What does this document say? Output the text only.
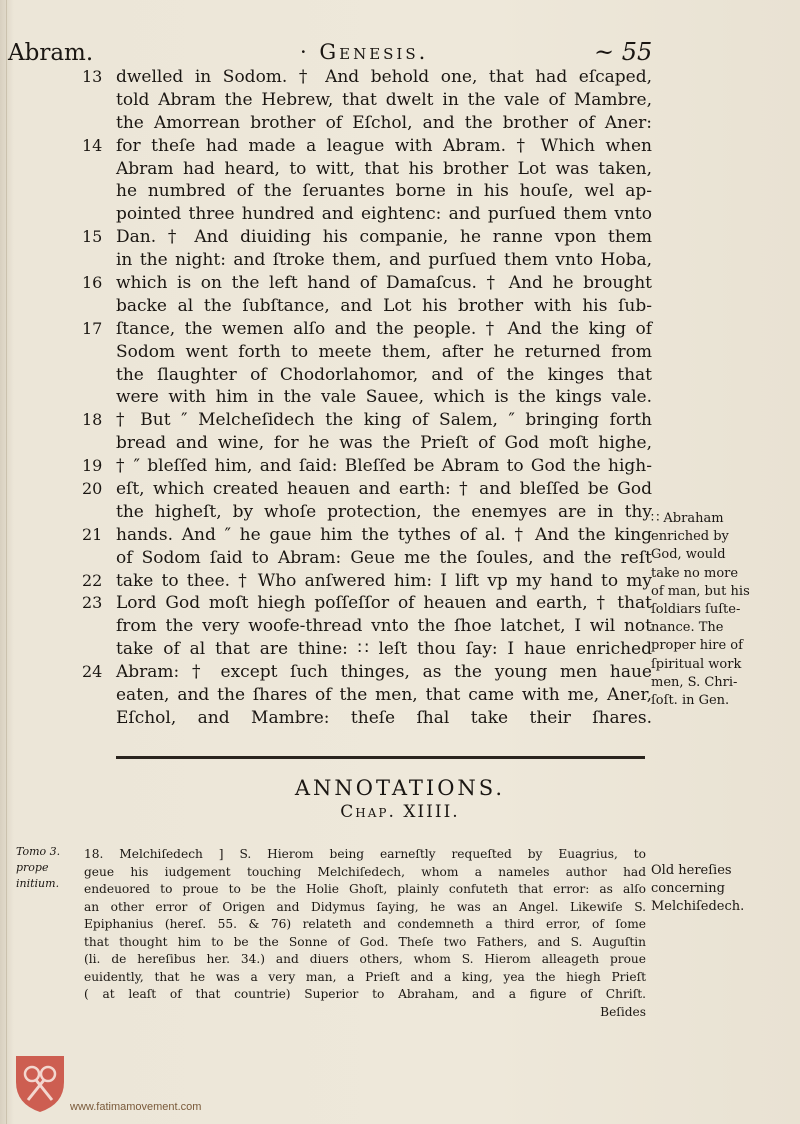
Abram.	· Genesis.	~ 55
13 dwelled in Sodom. † And behold one, that had eſcaped,
told Abram the Hebrew, that dwelt in the vale of Mambre,
the Amorrean brother of Eſchol, and the brother of Aner:
14 for theſe had made a league with Abram. † Which when
Abram had heard, to witt, that his brother Lot was taken,
he numbred of the ſeruantes borne in his houſe, wel ap-
pointed three hundred and eightenc: and purſued them vnto
15 Dan. † And diuiding his companie, he ranne vpon them
in the night: and ſtroke them, and purſued them vnto Hoba,
16 which is on the left hand of Damaſcus. † And he brought
backe al the ſubſtance, and Lot his brother with his ſub-
17 ſtance, the wemen alſo and the people. † And the king of
Sodom went forth to meete them, after he returned from
the ſlaughter of Chodorlahomor, and of the kinges that
were with him in the vale Sauee, which is the kings vale.
18 † But ″ Melcheſidech the king of Salem, ″ bringing forth
bread and wine, for he was the Prieſt of God moſt highe,
19 † ″ bleſſed him, and ſaid: Bleſſed be Abram to God the high-
20 eſt, which created heauen and earth: † and bleſſed be God
the higheſt, by whoſe protection, the enemyes are in thy
21 hands. And ″ he gaue him the tythes of al. † And the king
of Sodom ſaid to Abram: Geue me the ſoules, and the reſt
22 take to thee. † Who anſwered him: I lift vp my hand to my
23 Lord God moſt hiegh poſſeſſor of heauen and earth, † that
from the very woofe-thread vnto the ſhoe latchet, I wil not
take of al that are thine: ∷ leſt thou ſay: I haue enriched
24 Abram: † except ſuch thinges, as the young men haue
eaten, and the ſhares of the men, that came with me, Aner,
Eſchol, and Mambre: theſe ſhal take their ſhares.
∷ Abraham
enriched by
God, would
take no more
of man, but his
ſoldiars ſuſte-
nance. The
proper hire of
ſpiritual work
men, S. Chri-
ſoſt. in Gen.
ANNOTATIONS.
Chap. XIIII.
Tomo 3.
prope
initium.
18. Melchiſedech ] S. Hierom being earneſtly requeſted by Euagrius, to
geue his iudgement touching Melchiſedech, whom a nameles author had
endeuored to proue to be the Holie Ghoſt, plainly confuteth that error: as alſo
an other error of Origen and Didymus ſaying, he was an Angel. Likewiſe S.
Epiphanius (hereſ. 55. & 76) relateth and condemneth a third error, of ſome
that thought him to be the Sonne of God. Theſe two Fathers, and S. Auguſtin
(li. de hereſibus her. 34.) and diuers others, whom S. Hierom alleageth proue
euidently, that he was a very man, a Prieſt and a king, yea the hiegh Prieſt
( at leaſt of that countrie) Superior to Abraham, and a figure of Chriſt.
Beſides
Old hereſies
concerning
Melchiſedech.
www.fatimamovement.com
